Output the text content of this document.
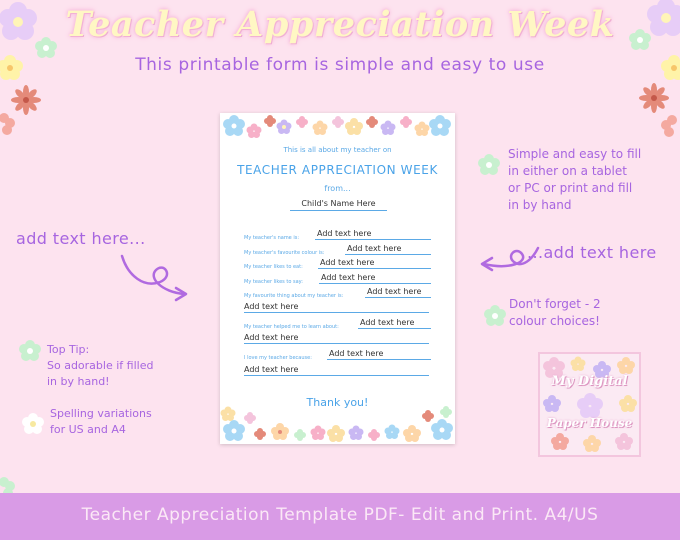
Teacher Appreciation Week
This printable form is simple and easy to use
This is all about my teacher on
TEACHER APPRECIATION WEEK
from...
Child's Name Here
My teacher's name is: Add text here
My teacher's favourite colour is:	Add text here
My teacher likes to eat: Add text here
My teacher likes to say: Add text here
My favourite thing about my teacher is:	Add text here
Add text here
My teacher helped me to learn about:	Add text here
Add text here
I love my teacher because: Add text here
Add text here
Thank you!
add text here...
...add text here
Simple and easy to fill
in either on a tablet
or PC or print and fill
in by hand
Don't forget - 2
colour choices!
Top Tip:
So adorable if filled
in by hand!
Spelling variations
for US and A4
My Digital
Paper House
Teacher Appreciation Template PDF- Edit and Print. A4/US
